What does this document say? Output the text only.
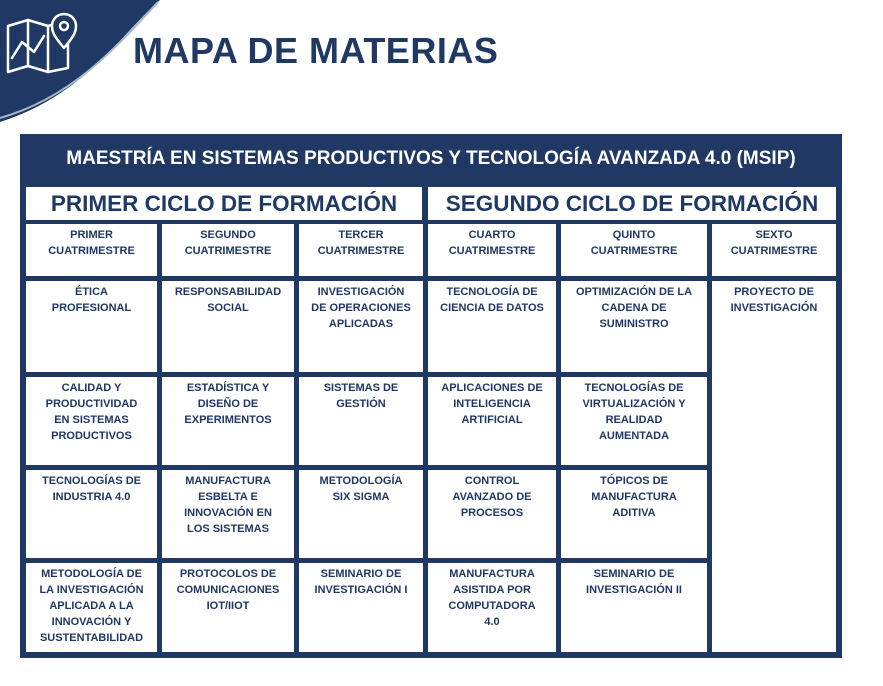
MAPA DE MATERIAS
MAESTRÍA EN SISTEMAS PRODUCTIVOS Y TECNOLOGÍA AVANZADA 4.0 (MSIP)
PRIMER CICLO DE FORMACIÓN	SEGUNDO CICLO DE FORMACIÓN
PRIMER
CUATRIMESTRE
SEGUNDO
CUATRIMESTRE
TERCER
CUATRIMESTRE
CUARTO
CUATRIMESTRE
QUINTO
CUATRIMESTRE
SEXTO
CUATRIMESTRE
ÉTICA
PROFESIONAL
RESPONSABILIDAD
SOCIAL
INVESTIGACIÓN
DE OPERACIONES
APLICADAS
TECNOLOGÍA DE
CIENCIA DE DATOS
OPTIMIZACIÓN DE LA
CADENA DE
SUMINISTRO
CALIDAD Y
PRODUCTIVIDAD
EN SISTEMAS
PRODUCTIVOS
ESTADÍSTICA Y
DISEÑO DE
EXPERIMENTOS
SISTEMAS DE
GESTIÓN
APLICACIONES DE
INTELIGENCIA
ARTIFICIAL
TECNOLOGÍAS DE
VIRTUALIZACIÓN Y
REALIDAD
AUMENTADA
TECNOLOGÍAS DE
INDUSTRIA 4.0
MANUFACTURA
ESBELTA E
INNOVACIÓN EN
LOS SISTEMAS
METODOLOGÍA
SIX SIGMA
CONTROL
AVANZADO DE
PROCESOS
TÓPICOS DE
MANUFACTURA
ADITIVA
METODOLOGÍA DE
LA INVESTIGACIÓN
APLICADA A LA
INNOVACIÓN Y
SUSTENTABILIDAD
PROTOCOLOS DE
COMUNICACIONES
IOT/IIOT
SEMINARIO DE
INVESTIGACIÓN I
MANUFACTURA
ASISTIDA POR
COMPUTADORA
4.0
SEMINARIO DE
INVESTIGACIÓN II
PROYECTO DE
INVESTIGACIÓN
